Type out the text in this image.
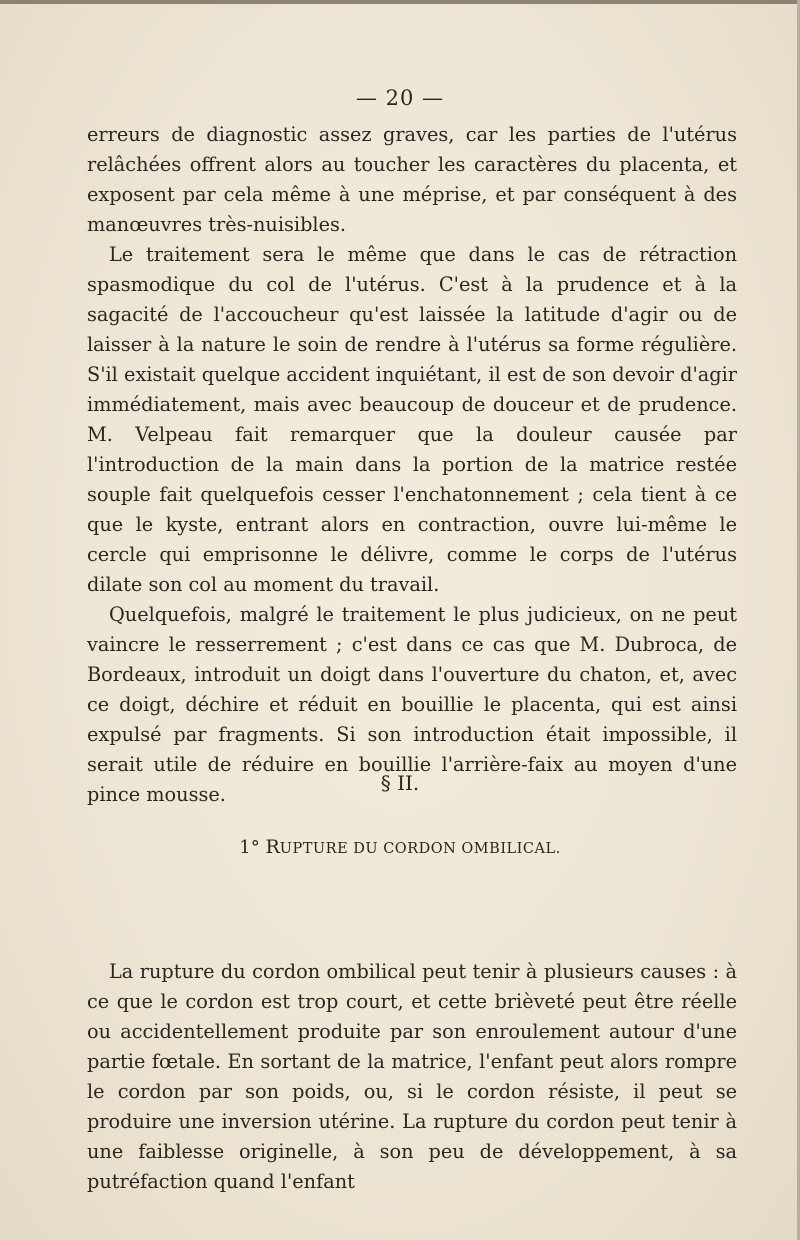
— 20 —

erreurs de diagnostic assez graves, car les parties de l'utérus relâchées offrent alors au toucher les caractères du placenta, et exposent par cela même à une méprise, et par conséquent à des manœuvres très-nuisibles.

Le traitement sera le même que dans le cas de rétraction spasmodique du col de l'utérus. C'est à la prudence et à la sagacité de l'accoucheur qu'est laissée la latitude d'agir ou de laisser à la nature le soin de rendre à l'utérus sa forme régulière. S'il existait quelque accident inquiétant, il est de son devoir d'agir immédiatement, mais avec beaucoup de douceur et de prudence. M. Velpeau fait remarquer que la douleur causée par l'introduction de la main dans la portion de la matrice restée souple fait quelquefois cesser l'enchatonnement ; cela tient à ce que le kyste, entrant alors en contraction, ouvre lui-même le cercle qui emprisonne le délivre, comme le corps de l'utérus dilate son col au moment du travail.

Quelquefois, malgré le traitement le plus judicieux, on ne peut vaincre le resserrement ; c'est dans ce cas que M. Dubroca, de Bordeaux, introduit un doigt dans l'ouverture du chaton, et, avec ce doigt, déchire et réduit en bouillie le placenta, qui est ainsi expulsé par fragments. Si son introduction était impossible, il serait utile de réduire en bouillie l'arrière-faix au moyen d'une pince mousse.	§ II.
1° RUPTURE DU CORDON OMBILICAL.

La rupture du cordon ombilical peut tenir à plusieurs causes : à ce que le cordon est trop court, et cette brièveté peut être réelle ou accidentellement produite par son enroulement autour d'une partie fœtale. En sortant de la matrice, l'enfant peut alors rompre le cordon par son poids, ou, si le cordon résiste, il peut se produire une inversion utérine. La rupture du cordon peut tenir à une faiblesse originelle, à son peu de développement, à sa putréfaction quand l'enfant
